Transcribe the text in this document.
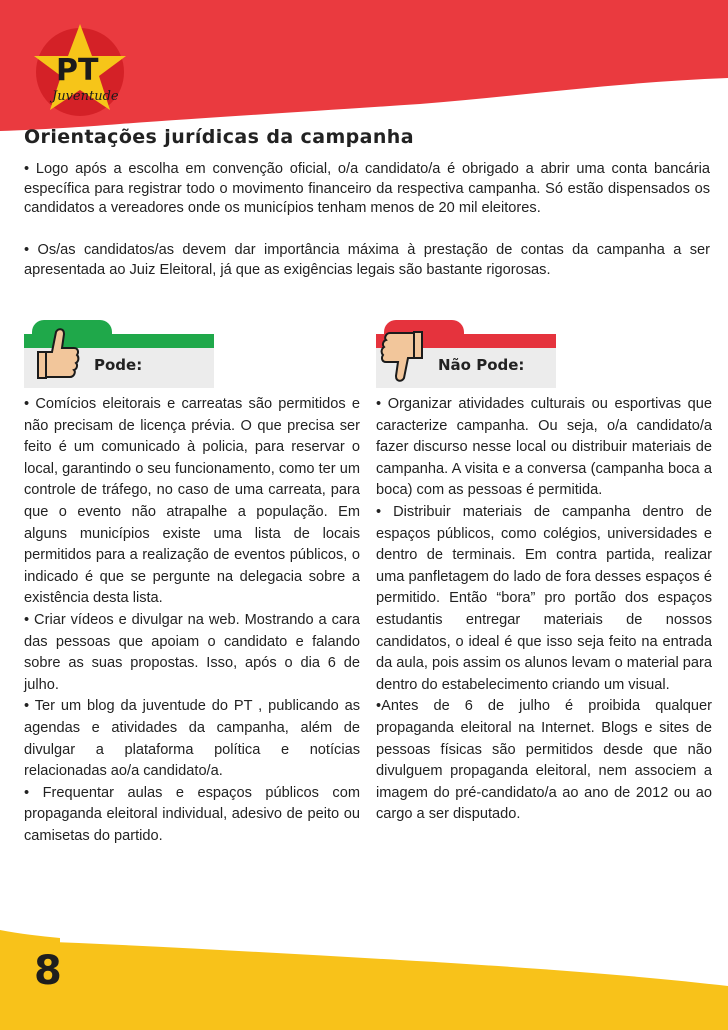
PT
Juventude
Orientações jurídicas da campanha

• Logo após a escolha em convenção oficial, o/a candidato/a é obrigado a abrir uma conta bancária específica para registrar todo o movimento financeiro da respectiva campanha. Só estão dispensados os candidatos a vereadores onde os municípios tenham menos de 20 mil eleitores.

• Os/as candidatos/as devem dar importância máxima à prestação de contas da campanha a ser apresentada ao Juiz Eleitoral, já que as exigências legais são bastante rigorosas.

Pode:	Não Pode:

• Comícios eleitorais e carreatas são permitidos e não precisam de licença prévia. O que precisa ser feito é um comunicado à policia, para reservar o local, garantindo o seu funcionamento, como ter um controle de tráfego, no caso de uma carreata, para que o evento não atrapalhe a população. Em alguns municípios existe uma lista de locais permitidos para a realização de eventos públicos, o indicado é que se pergunte na delegacia sobre a existência desta lista.

• Criar vídeos e divulgar na web. Mostrando a cara das pessoas que apoiam o candidato e falando sobre as suas propostas. Isso, após o dia 6 de julho.

• Ter um blog da juventude do PT , publicando as agendas e atividades da campanha, além de divulgar a plataforma política e notícias relacionadas ao/a candidato/a.

• Frequentar aulas e espaços públicos com propaganda eleitoral individual, adesivo de peito ou camisetas do partido.

• Organizar atividades culturais ou esportivas que caracterize campanha. Ou seja, o/a candidato/a fazer discurso nesse local ou distribuir materiais de campanha. A visita e a conversa (campanha boca a boca) com as pessoas é permitida.

• Distribuir materiais de campanha dentro de espaços públicos, como colégios, universidades e dentro de terminais. Em contra partida, realizar uma panfletagem do lado de fora desses espaços é permitido. Então “bora” pro portão dos espaços estudantis entregar materiais de nossos candidatos, o ideal é que isso seja feito na entrada da aula, pois assim os alunos levam o material para dentro do estabelecimento criando um visual.

•Antes de 6 de julho é proibida qualquer propaganda eleitoral na Internet. Blogs e sites de pessoas físicas são permitidos desde que não divulguem propaganda eleitoral, nem associem a imagem do pré-candidato/a ao ano de 2012 ou ao cargo a ser disputado.

8
